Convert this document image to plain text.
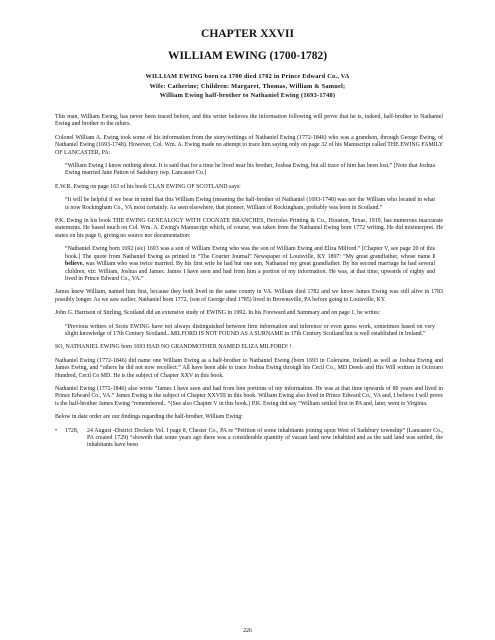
CHAPTER XXVII
WILLIAM EWING (1700-1782)
WILLIAM EWING born ca 1700 died 1782 in Prince Edward Co., VA
Wife: Catherine; Children: Margaret, Thomas, William & Samuel;
William Ewing half-brother to Nathaniel Ewing (1693-1748)

This man, William Ewing, has never been traced before, and this writer believes the information following will prove that he is, indeed, half-brother to Nathaniel Ewing and brother to the others.

Colonel William A. Ewing took some of his information from the story/writings of Nathaniel Ewing (1772-1846) who was a grandson, through George Ewing, of Nathaniel Ewing (1693-1748). However, Col. Wm. A. Ewing made no attempt to trace him saying only on page 32 of his Manuscript called THE EWING FAMILY OF LANCASTER, PA:

“William Ewing I know nothing about. It is said that for a time he lived near his brother, Joshua Ewing, but all trace of him has been lost.” [Note that Joshua Ewing married Jane Patton of Sadsbury twp. Lancaster Co.]

E.W.R. Ewing on page 163 of his book CLAN EWING OF SCOTLAND says:

“It will be helpful if we bear in mind that this William Ewing (meaning the half-brother of Nathaniel (1693-1748) was not the William who located in what is now Rockingham Co., VA most certainly. As seen elsewhere, that pioneer, William of Rockingham, probably was born in Scotland.”

P.K. Ewing in his book THE EWING GENEALOGY WITH COGNATE BRANCHES, Hercules Printing & Co., Houston, Texas, 1919, has numerous inaccurate statements. He based much on Col. Wm. A. Ewing's Manuscript which, of course, was taken from the Nathaniel Ewing born 1772 writing. He did misinterpret. He states on his page 6, giving no source nor documentation:

“Nathaniel Ewing born 1692 (sic) 1693 was a son of William Ewing who was the son of William Ewing and Eliza Milford.” [Chapter V, see page 20 of this book.] The quote from Nathaniel Ewing as printed in “The Courier Journal” Newspaper of Louisville, KY 1897: “My great grandfather, whose name I believe, was William who was twice married. By his first wife he had but one son, Nathaniel my great grandfather. By his second marriage he had several children, viz: William, Joshua and James. James I have seen and had from him a portion of my information. He was, at that time, upwards of eighty and lived in Prince Edward Co., VA.”

James knew William, named him first, because they both lived in the same county in VA. William died 1782 and we know James Ewing was still alive in 1783 possibly longer. As we saw earlier, Nathaniel born 1772, (son of George died 1785) lived in Brownsville, PA before going to Louisville, KY.

John G. Harrison of Stirling, Scotland did an extensive study of EWING in 1992. In his Foreward and Summary and on page 1, he writes:

“Previous writers of Scots EWING have not always distinguished between firm information and inference or even guess work, sometimes based on very slight knowledge of 17th Century Scotland...MILFORD IS NOT FOUND AS A SURNAME in 17th Century Scotland but is well established in Ireland.”

SO, NATHANIEL EWING born 1693 HAD NO GRANDMOTHER NAMED ELIZA MILFORD! !

Nathaniel Ewing (1772-1846) did name one William Ewing as a half-brother to Nathaniel Ewing (born 1693 in Coleraine, Ireland) as well as Joshua Ewing and James Ewing, and “others he did not now recollect.” All have been able to trace Joshua Ewing through his Cecil Co., MD Deeds and His Will written in Octoraro Hundred, Cecil Co MD. He is the subject of Chapter XXV in this book.

Nathaniel Ewing (1772-1846) also wrote “James I have seen and had from him portions of my information. He was at that time upwards of 80 years and lived in Prince Edward Co., VA.” James Ewing is the subject of Chapter XXVIII in this book. William Ewing also lived in Prince Edward Co., VA and, I believe I will prove is the half-brother James Ewing “remembered.. “(See also Chapter V in this book.) P.K. Ewing did say “William settled first in PA and, later, went to Virginia.

Below in date order are our findings regarding the half-brother, William Ewing:

•	1728,	24 August -District Dockets Vol. I page 8, Chester Co., PA re “Petition of some inhabitants joining upon West of Sadsbury township” (Lancaster Co., PA created 1729) “showeth that some years ago there was a considerable quantity of vacant land now inhabited and as the said land was settled, the inhabitants have been
226
